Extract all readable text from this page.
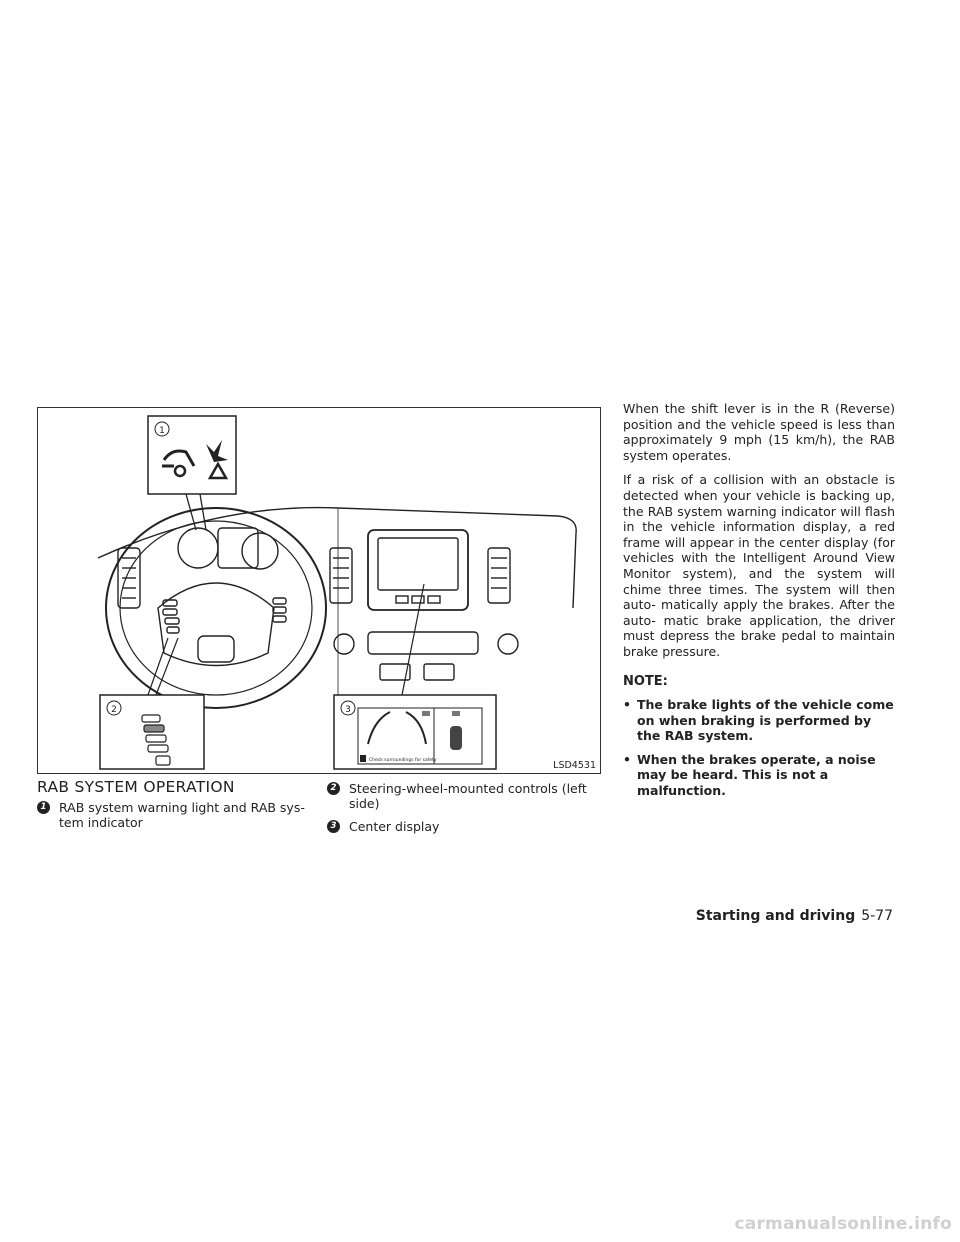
1
2	3
Check surroundings for safety	LSD4531
RAB SYSTEM OPERATION
1	RAB system warning light and RAB sys- tem indicator
2	Steering-wheel-mounted controls (left side)
3	Center display

When the shift lever is in the R (Reverse) position and the vehicle speed is less than approximately 9 mph (15 km/h), the RAB system operates.

If a risk of a collision with an obstacle is detected when your vehicle is backing up, the RAB system warning indicator will flash in the vehicle information display, a red frame will appear in the center display (for vehicles with the Intelligent Around View Monitor system), and the system will chime three times. The system will then auto- matically apply the brakes. After the auto- matic brake application, the driver must depress the brake pedal to maintain brake pressure.

NOTE:
• The brake lights of the vehicle come on when braking is performed by the RAB system.
• When the brakes operate, a noise may be heard. This is not a malfunction.
Starting and driving 5-77
carmanualsonline.info
